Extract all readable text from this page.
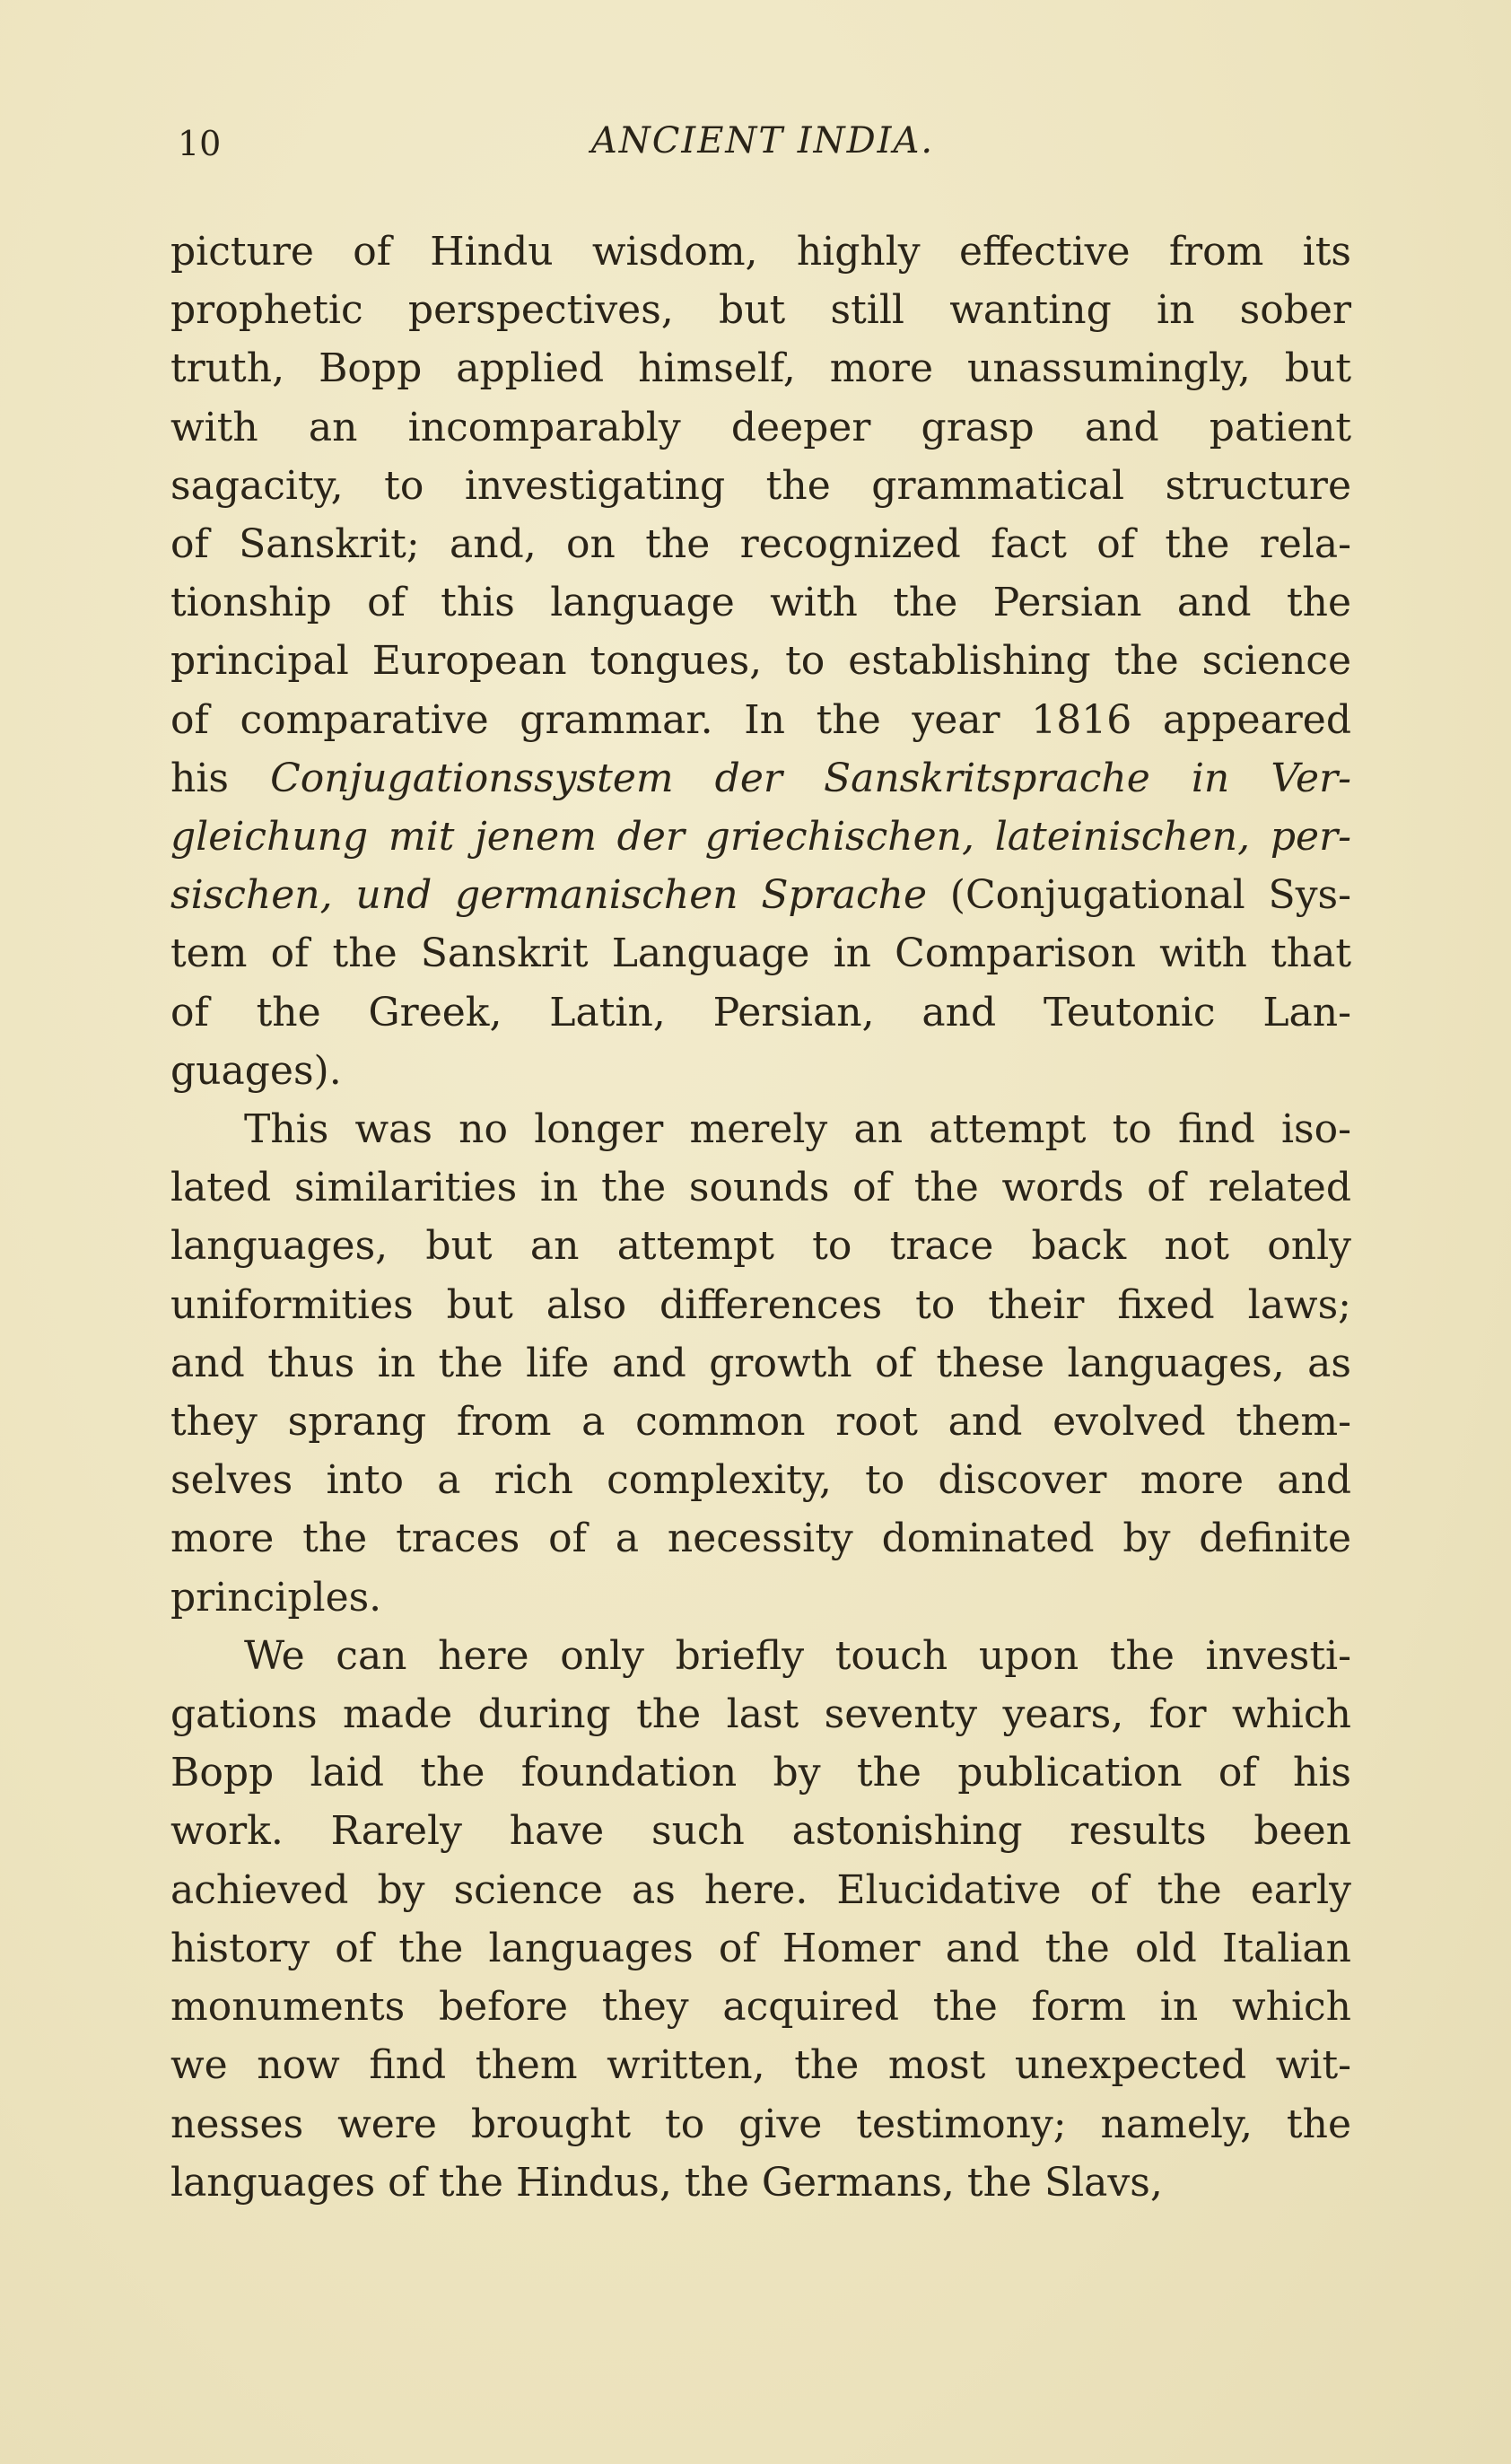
10	ANCIENT INDIA.
picture of Hindu wisdom, highly effective from its
prophetic perspectives, but still wanting in sober
truth, Bopp applied himself, more unassumingly, but
with an incomparably deeper grasp and patient
sagacity, to investigating the grammatical structure
of Sanskrit; and, on the recognized fact of the rela-
tionship of this language with the Persian and the
principal European tongues, to establishing the science
of comparative grammar. In the year 1816 appeared
his Conjugationssystem der Sanskritsprache in Ver-
gleichung mit jenem der griechischen, lateinischen, per-
sischen, und germanischen Sprache (Conjugational Sys-
tem of the Sanskrit Language in Comparison with that
of the Greek, Latin, Persian, and Teutonic Lan-
guages).
This was no longer merely an attempt to find iso-
lated similarities in the sounds of the words of related
languages, but an attempt to trace back not only
uniformities but also differences to their fixed laws;
and thus in the life and growth of these languages, as
they sprang from a common root and evolved them-
selves into a rich complexity, to discover more and
more the traces of a necessity dominated by definite
principles.
We can here only briefly touch upon the investi-
gations made during the last seventy years, for which
Bopp laid the foundation by the publication of his
work. Rarely have such astonishing results been
achieved by science as here. Elucidative of the early
history of the languages of Homer and the old Italian
monuments before they acquired the form in which
we now find them written, the most unexpected wit-
nesses were brought to give testimony; namely, the
languages of the Hindus, the Germans, the Slavs,
